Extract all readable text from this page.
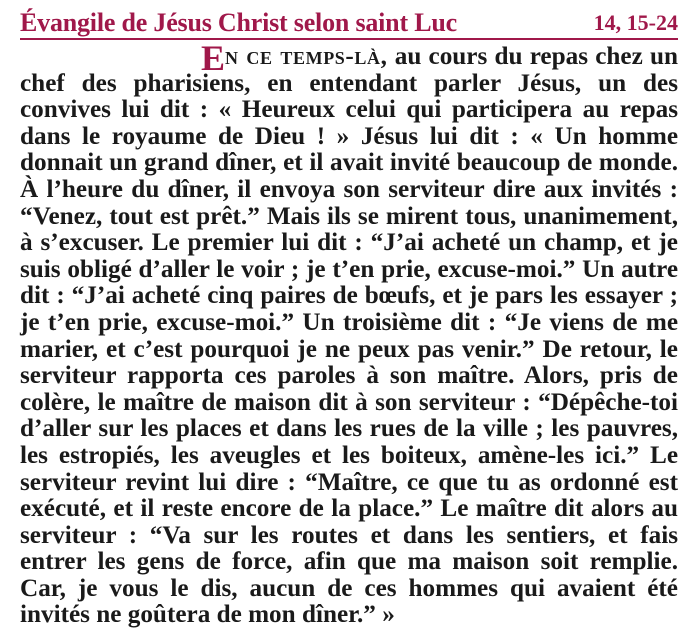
Évangile de Jésus Christ selon saint Luc	14, 15-24
E n ce temps-là, au cours du repas chez un chef des pharisiens, en entendant parler Jésus, un des convives lui dit : « Heureux celui qui participera au repas dans le royaume de Dieu ! » Jésus lui dit : « Un homme donnait un grand dîner, et il avait invité beaucoup de monde. À l’heure du dîner, il envoya son serviteur dire aux invités : “Venez, tout est prêt.” Mais ils se mirent tous, unanimement, à s’excuser. Le premier lui dit : “J’ai acheté un champ, et je suis obligé d’aller le voir ; je t’en prie, excuse-moi.” Un autre dit : “J’ai acheté cinq paires de bœufs, et je pars les essayer ; je t’en prie, excuse-moi.” Un troisième dit : “Je viens de me marier, et c’est pourquoi je ne peux pas venir.” De retour, le serviteur rapporta ces paroles à son maître. Alors, pris de colère, le maître de maison dit à son serviteur : “Dépêche-toi d’aller sur les places et dans les rues de la ville ; les pauvres, les estropiés, les aveugles et les boiteux, amène-les ici.” Le serviteur revint lui dire : “Maître, ce que tu as ordonné est exécuté, et il reste encore de la place.” Le maître dit alors au serviteur : “Va sur les routes et dans les sentiers, et fais entrer les gens de force, afin que ma maison soit remplie. Car, je vous le dis, aucun de ces hommes qui avaient été invités ne goûtera de mon dîner.” »
